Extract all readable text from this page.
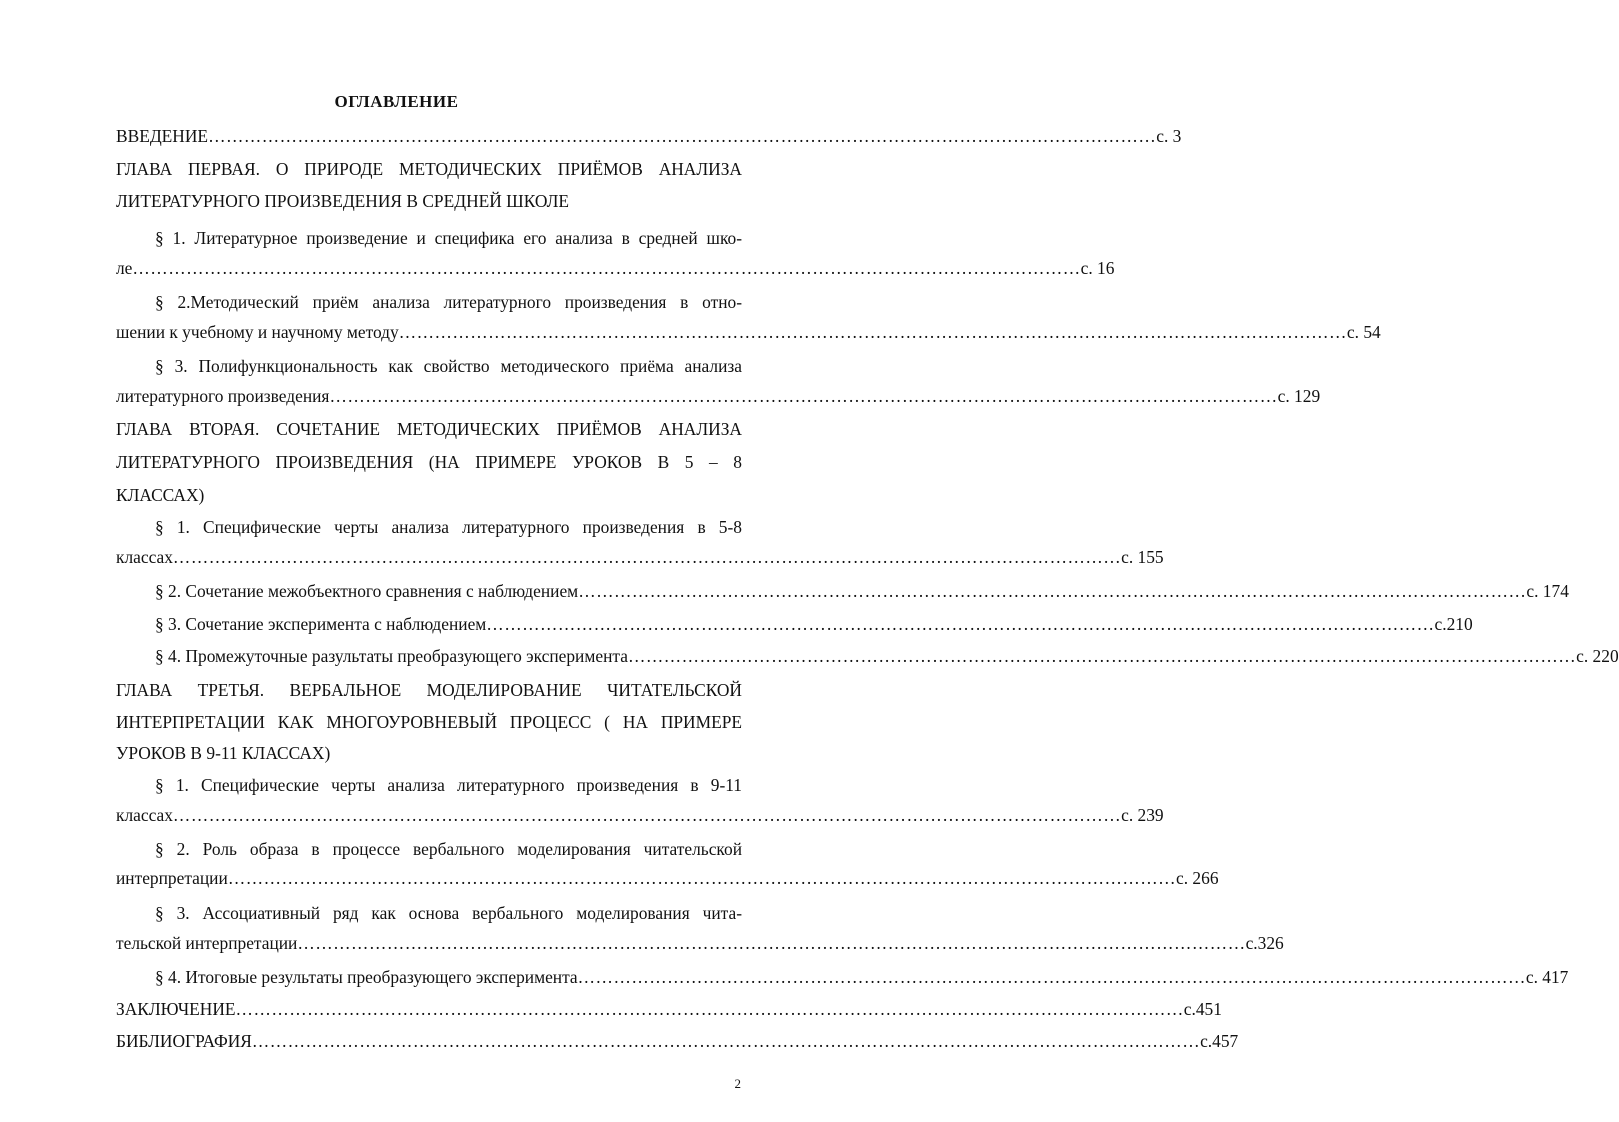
ОГЛАВЛЕНИЕ
ВВЕДЕНИЕ …………………………………………………………………………………………………………………………………………… с. 3
ГЛАВА ПЕРВАЯ. О ПРИРОДЕ МЕТОДИЧЕСКИХ ПРИЁМОВ АНАЛИЗА
ЛИТЕРАТУРНОГО ПРОИЗВЕДЕНИЯ В СРЕДНЕЙ ШКОЛЕ
§ 1. Литературное произведение и специфика его анализа в средней шко-
ле …………………………………………………………………………………………………………………………………………… с. 16
§ 2.Методический приём анализа литературного произведения в отно-
шении к учебному и научному методу …………………………………………………………………………………………………………………………………………… с. 54
§ 3. Полифункциональность как свойство методического приёма анализа
литературного произведения …………………………………………………………………………………………………………………………………………… с. 129
ГЛАВА ВТОРАЯ. СОЧЕТАНИЕ МЕТОДИЧЕСКИХ ПРИЁМОВ АНАЛИЗА
ЛИТЕРАТУРНОГО ПРОИЗВЕДЕНИЯ (НА ПРИМЕРЕ УРОКОВ В 5 – 8
КЛАССАХ)
§ 1. Специфические черты анализа литературного произведения в 5-8
классах …………………………………………………………………………………………………………………………………………… с. 155
§ 2. Сочетание межобъектного сравнения с наблюдением …………………………………………………………………………………………………………………………………………… с. 174
§ 3. Сочетание эксперимента с наблюдением …………………………………………………………………………………………………………………………………………… с.210
§ 4. Промежуточные разультаты преобразующего эксперимента …………………………………………………………………………………………………………………………………………… с. 220
ГЛАВА ТРЕТЬЯ. ВЕРБАЛЬНОЕ МОДЕЛИРОВАНИЕ ЧИТАТЕЛЬСКОЙ
ИНТЕРПРЕТАЦИИ КАК МНОГОУРОВНЕВЫЙ ПРОЦЕСС ( НА ПРИМЕРЕ
УРОКОВ В 9-11 КЛАССАХ)
§ 1. Специфические черты анализа литературного произведения в 9-11
классах …………………………………………………………………………………………………………………………………………… с. 239
§ 2. Роль образа в процессе вербального моделирования читательской
интерпретации …………………………………………………………………………………………………………………………………………… с. 266
§ 3. Ассоциативный ряд как основа вербального моделирования чита-
тельской интерпретации …………………………………………………………………………………………………………………………………………… с.326
§ 4. Итоговые результаты преобразующего эксперимента …………………………………………………………………………………………………………………………………………… с. 417
ЗАКЛЮЧЕНИЕ …………………………………………………………………………………………………………………………………………… с.451
БИБЛИОГРАФИЯ …………………………………………………………………………………………………………………………………………… с.457
2
